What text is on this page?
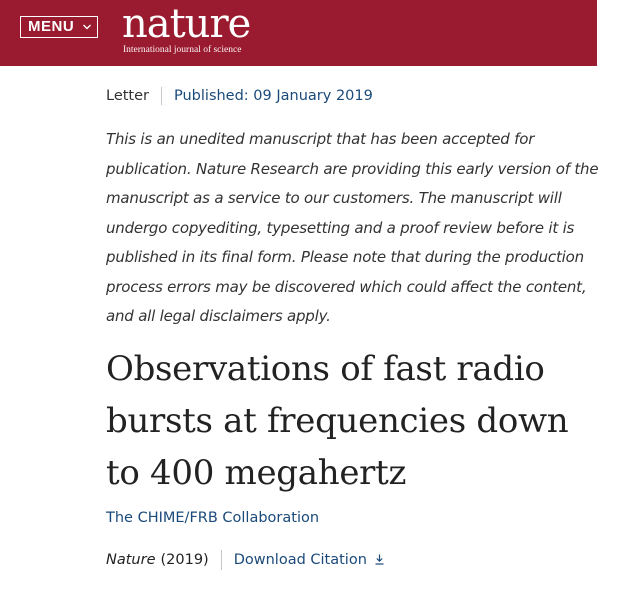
MENU nature
International journal of science
Letter Published: 09 January 2019
This is an unedited manuscript that has been accepted for publication. Nature Research are providing this early version of the manuscript as a service to our customers. The manuscript will undergo copyediting, typesetting and a proof review before it is published in its final form. Please note that during the production process errors may be discovered which could affect the content, and all legal disclaimers apply.
Observations of fast radio bursts at frequencies down to 400 megahertz
The CHIME/FRB Collaboration
Nature (2019) Download Citation
